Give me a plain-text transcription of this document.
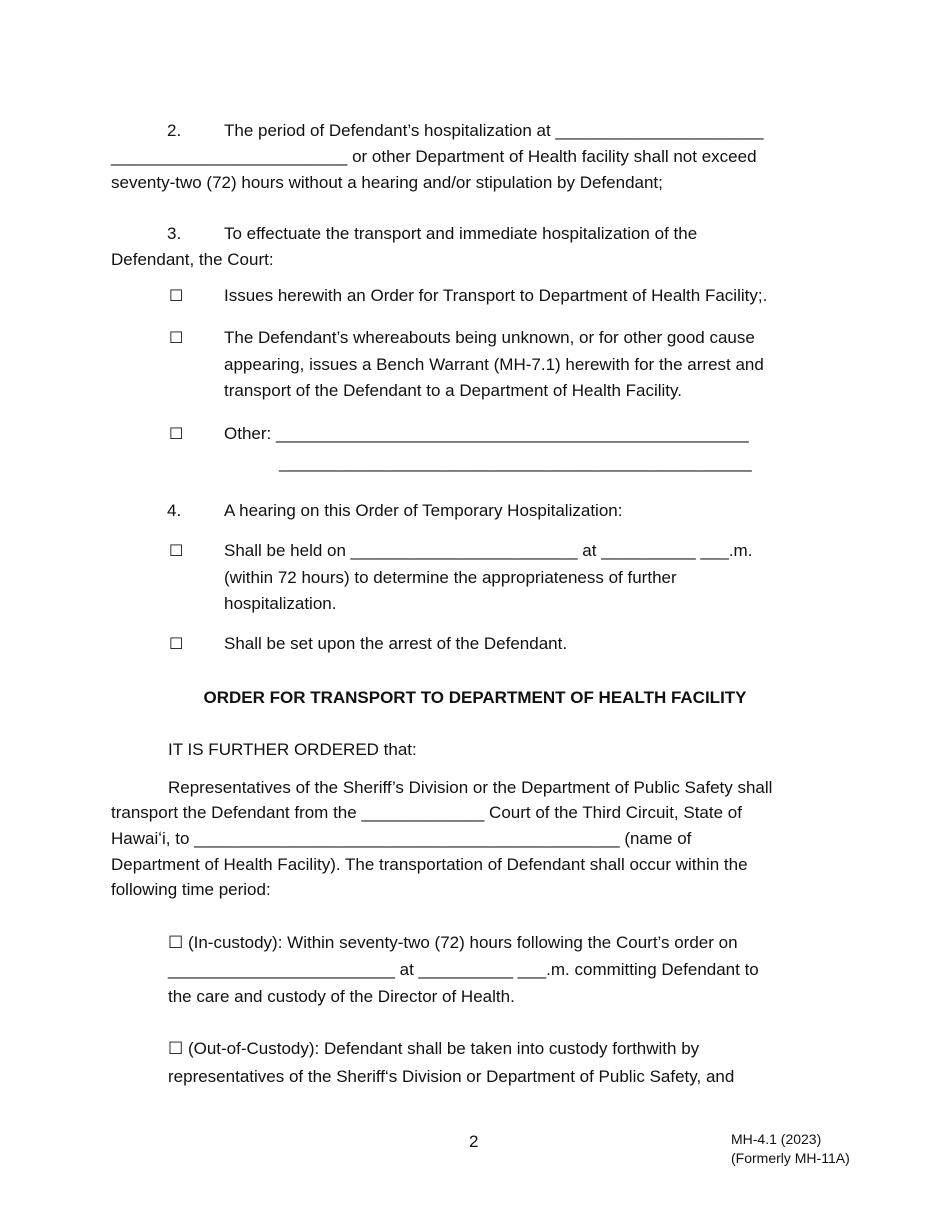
2.	The period of Defendant’s hospitalization at ______________________
_________________________ or other Department of Health facility shall not exceed
seventy-two (72) hours without a hearing and/or stipulation by Defendant;
3.	To effectuate the transport and immediate hospitalization of the
Defendant, the Court:
☐ Issues herewith an Order for Transport to Department of Health Facility;.
☐ The Defendant’s whereabouts being unknown, or for other good cause
appearing, issues a Bench Warrant (MH-7.1) herewith for the arrest and
transport of the Defendant to a Department of Health Facility.
☐ Other: __________________________________________________
__________________________________________________
4.	A hearing on this Order of Temporary Hospitalization:
☐ Shall be held on ________________________ at __________ ___.m.
(within 72 hours) to determine the appropriateness of further
hospitalization.
☐ Shall be set upon the arrest of the Defendant.
ORDER FOR TRANSPORT TO DEPARTMENT OF HEALTH FACILITY
IT IS FURTHER ORDERED that:
Representatives of the Sheriff’s Division or the Department of Public Safety shall
transport the Defendant from the _____________ Court of the Third Circuit, State of
Hawaiʻi, to _____________________________________________ (name of
Department of Health Facility). The transportation of Defendant shall occur within the
following time period:
☐ (In-custody): Within seventy-two (72) hours following the Court’s order on
________________________ at __________ ___.m. committing Defendant to
the care and custody of the Director of Health.
☐ (Out-of-Custody): Defendant shall be taken into custody forthwith by
representatives of the Sheriff‘s Division or Department of Public Safety, and
2	MH-4.1 (2023)
(Formerly MH-11A)
